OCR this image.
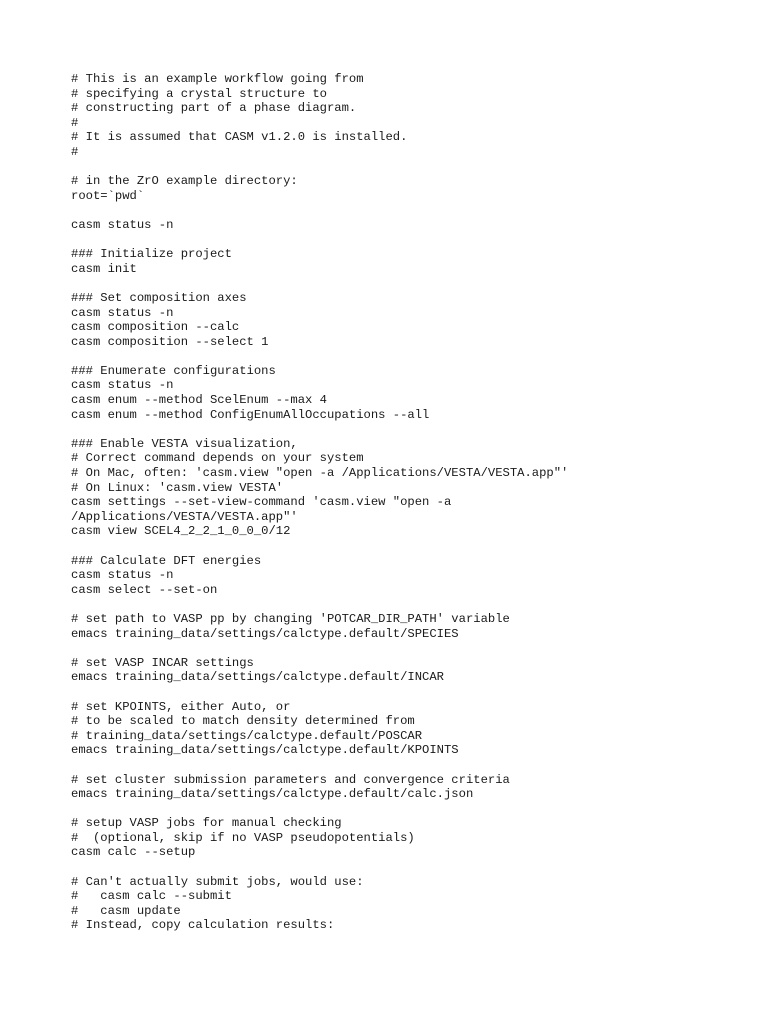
# This is an example workflow going from
# specifying a crystal structure to
# constructing part of a phase diagram.
#
# It is assumed that CASM v1.2.0 is installed.
#
# in the ZrO example directory:
root=`pwd`
casm status -n
### Initialize project
casm init
### Set composition axes
casm status -n
casm composition --calc
casm composition --select 1
### Enumerate configurations
casm status -n
casm enum --method ScelEnum --max 4
casm enum --method ConfigEnumAllOccupations --all
### Enable VESTA visualization,
# Correct command depends on your system
# On Mac, often: 'casm.view "open -a /Applications/VESTA/VESTA.app"'
# On Linux: 'casm.view VESTA'
casm settings --set-view-command 'casm.view "open -a
/Applications/VESTA/VESTA.app"'
casm view SCEL4_2_2_1_0_0_0/12
### Calculate DFT energies
casm status -n
casm select --set-on
# set path to VASP pp by changing 'POTCAR_DIR_PATH' variable
emacs training_data/settings/calctype.default/SPECIES
# set VASP INCAR settings
emacs training_data/settings/calctype.default/INCAR
# set KPOINTS, either Auto, or
# to be scaled to match density determined from
# training_data/settings/calctype.default/POSCAR
emacs training_data/settings/calctype.default/KPOINTS
# set cluster submission parameters and convergence criteria
emacs training_data/settings/calctype.default/calc.json
# setup VASP jobs for manual checking
#  (optional, skip if no VASP pseudopotentials)
casm calc --setup
# Can't actually submit jobs, would use:
#   casm calc --submit
#   casm update
# Instead, copy calculation results:
